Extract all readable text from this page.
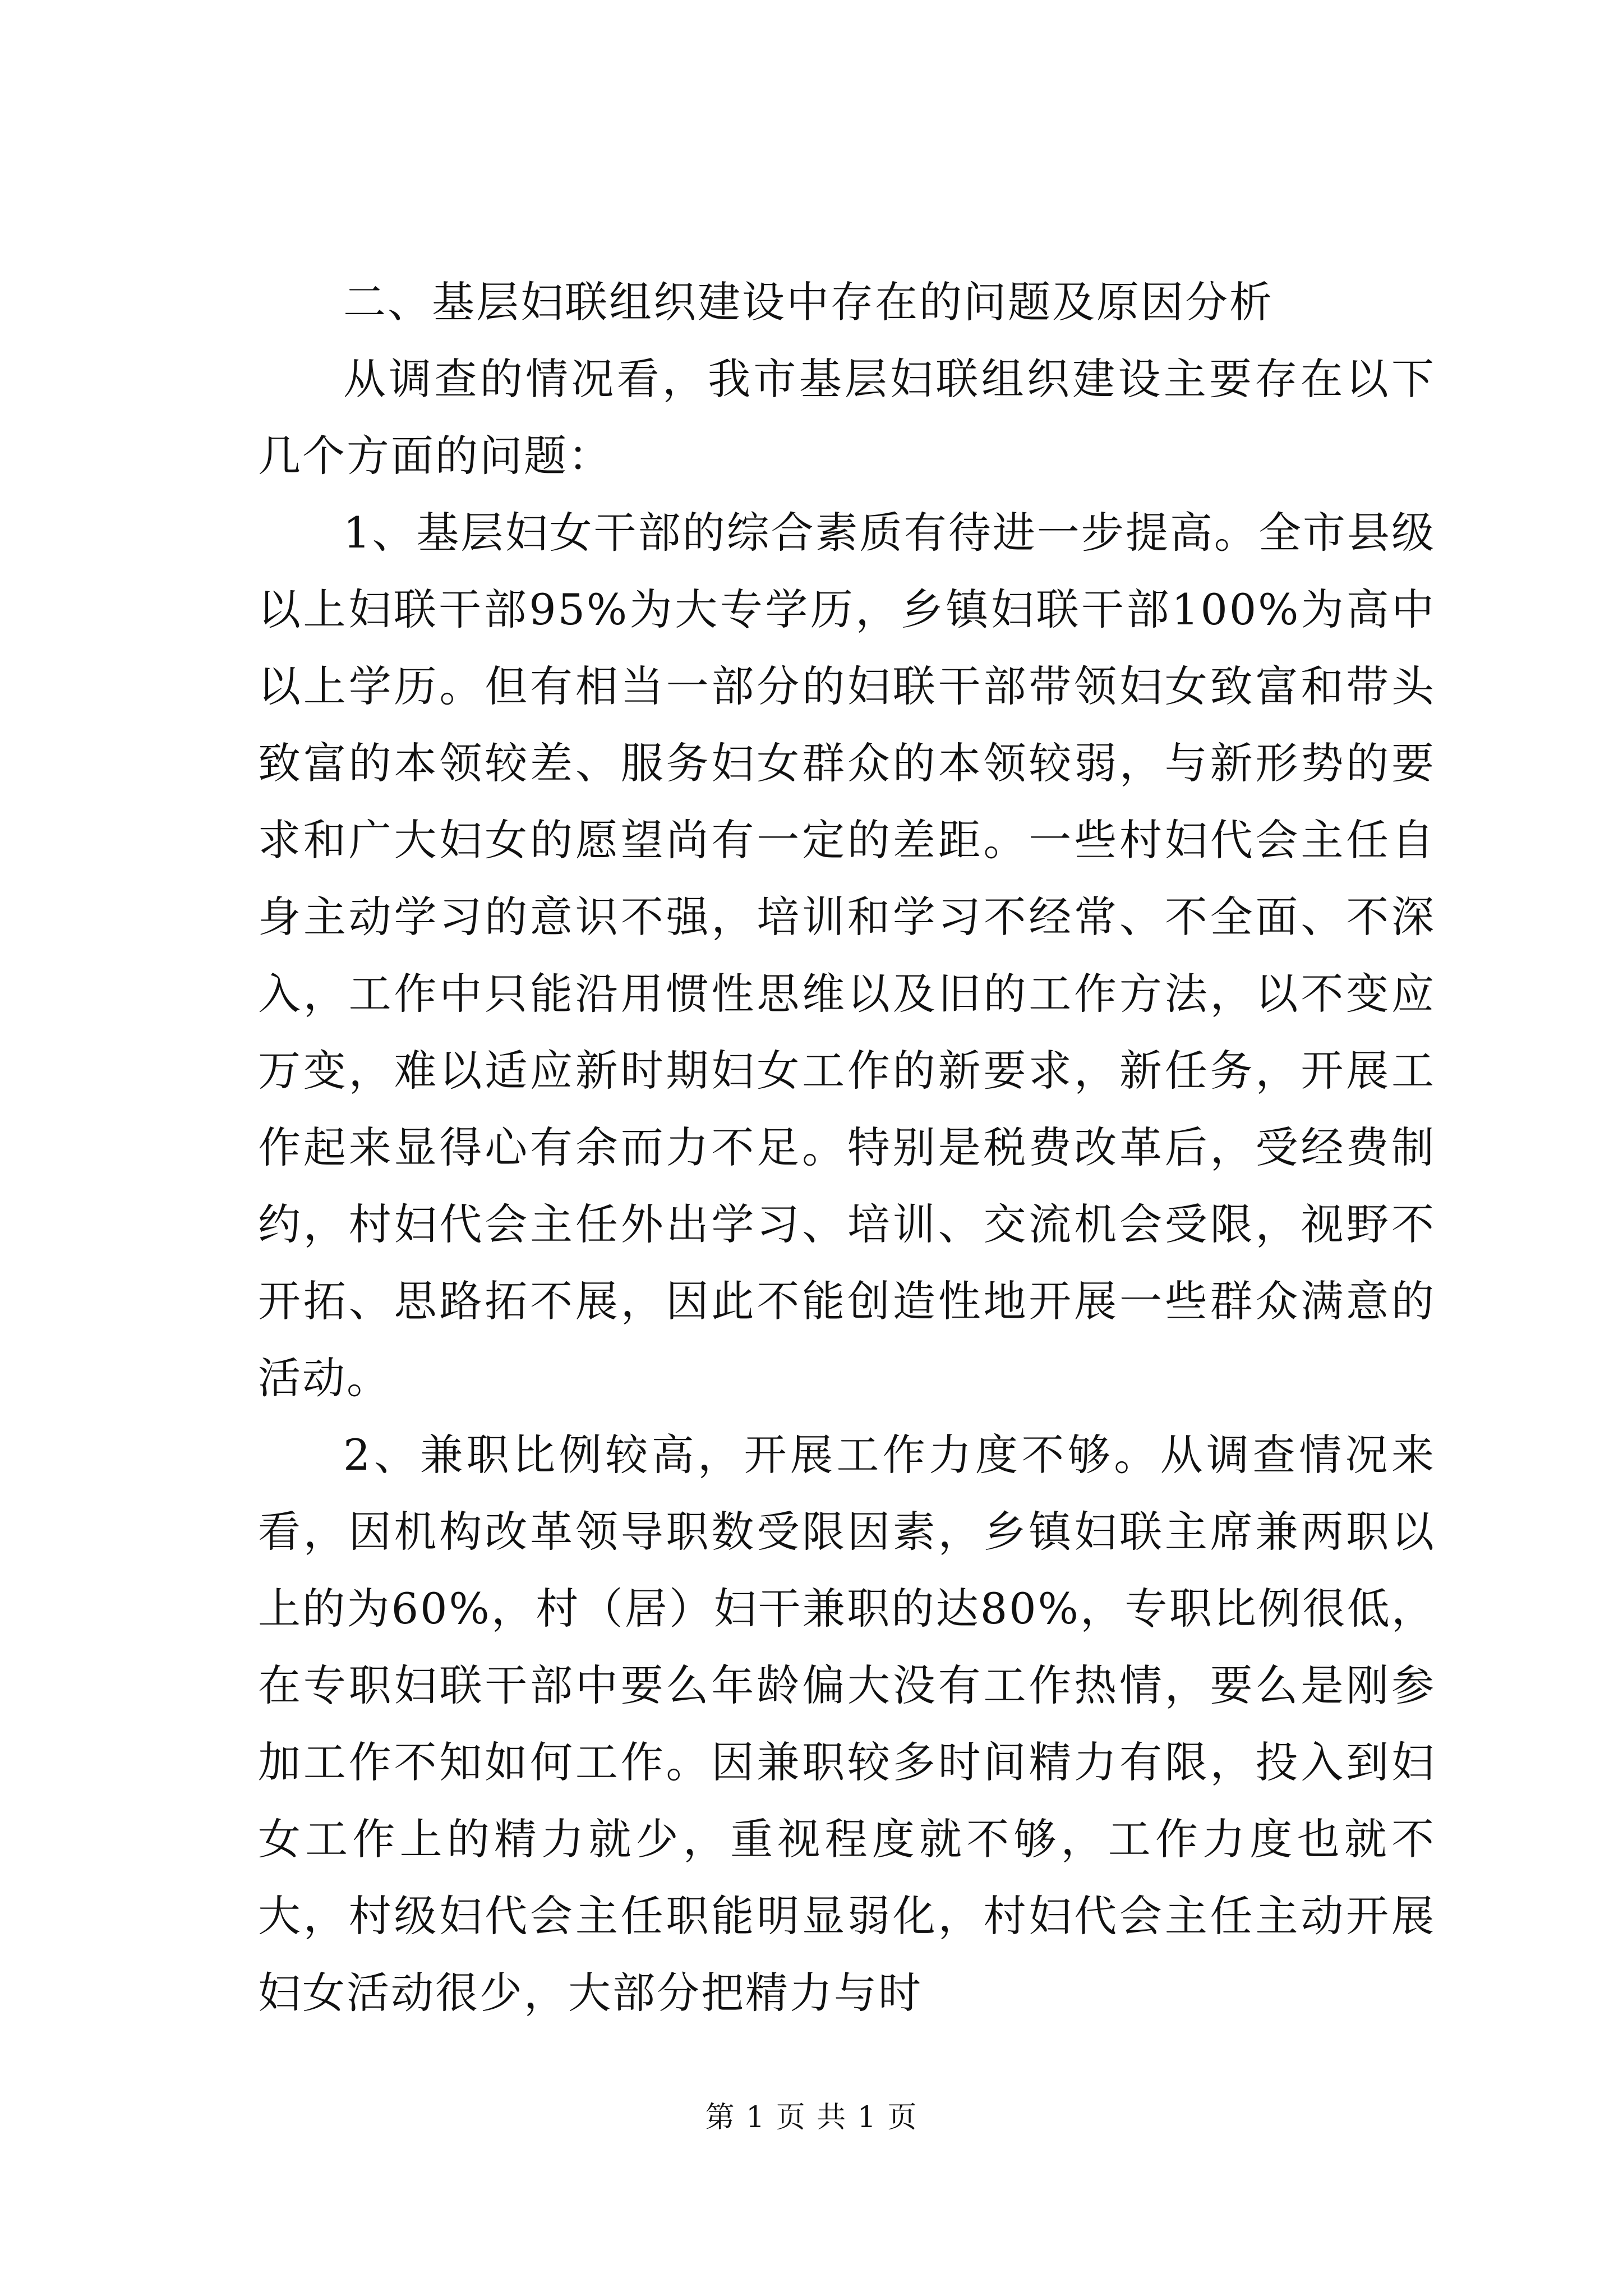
二、基层妇联组织建设中存在的问题及原因分析

从调查的情况看，我市基层妇联组织建设主要存在以下几个方面的问题：

1、基层妇女干部的综合素质有待进一步提高。全市县级以上妇联干部95%为大专学历，乡镇妇联干部100%为高中以上学历。但有相当一部分的妇联干部带领妇女致富和带头致富的本领较差、服务妇女群众的本领较弱，与新形势的要求和广大妇女的愿望尚有一定的差距。一些村妇代会主任自身主动学习的意识不强，培训和学习不经常、不全面、不深入，工作中只能沿用惯性思维以及旧的工作方法，以不变应万变，难以适应新时期妇女工作的新要求，新任务，开展工作起来显得心有余而力不足。特别是税费改革后，受经费制约，村妇代会主任外出学习、培训、交流机会受限，视野不开拓、思路拓不展，因此不能创造性地开展一些群众满意的活动。

2、兼职比例较高，开展工作力度不够。从调查情况来看，因机构改革领导职数受限因素，乡镇妇联主席兼两职以上的为60%，村（居）妇干兼职的达80%，专职比例很低，在专职妇联干部中要么年龄偏大没有工作热情，要么是刚参加工作不知如何工作。因兼职较多时间精力有限，投入到妇女工作上的精力就少，重视程度就不够，工作力度也就不大，村级妇代会主任职能明显弱化，村妇代会主任主动开展妇女活动很少，大部分把精力与时

第 1 页 共 1 页
